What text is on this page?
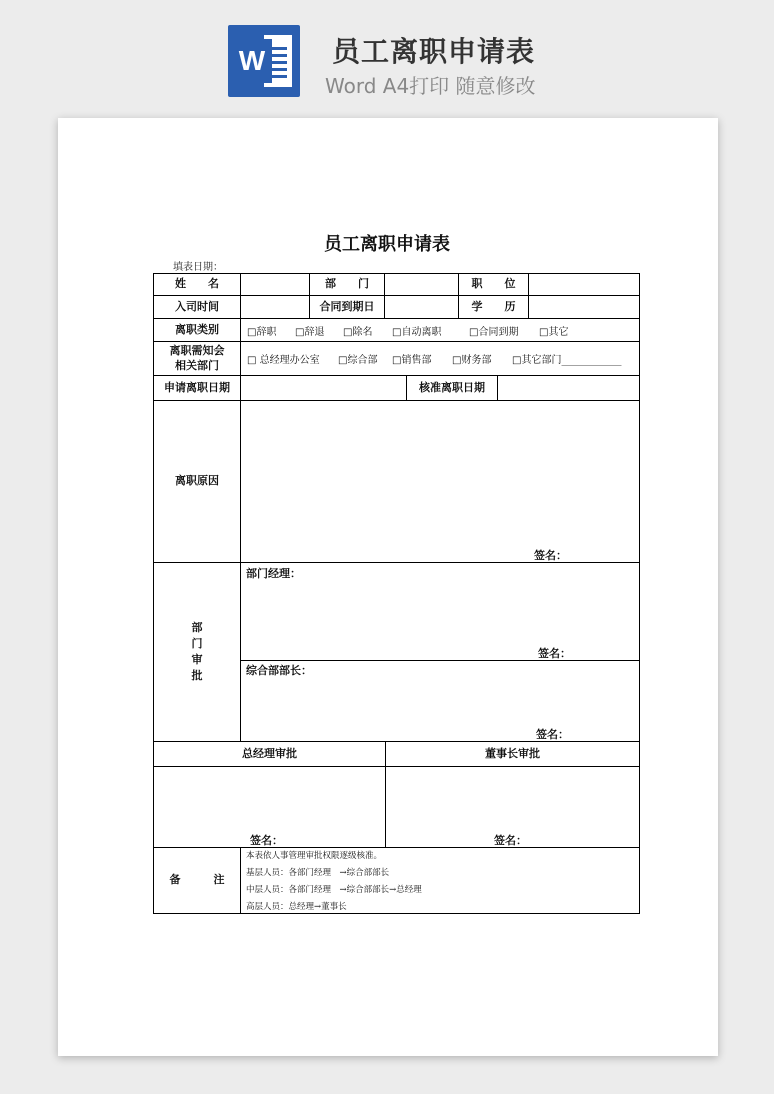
W 员工离职申请表
Word A4打印 随意修改
员工离职申请表
填表日期：
姓　　名	部　　门	职　　位
入司时间	合同到期日	学　　历
离职类别	□辞职 □辞退 □除名 □自动离职	□合同到期 □其它
离职需知会
相关部门	□ 总经理办公室 □综合部 □销售部 □财务部 □其它部门____________
申请离职日期	核准离职日期
离职原因
签名：
部
门
审
批
部门经理：
签名：
综合部部长：
签名：
总经理审批	董事长审批
签名：	签名：
备　　　注
本表依人事管理审批权限逐级核准。
基层人员：各部门经理　→综合部部长
中层人员：各部门经理　→综合部部长→总经理
高层人员：总经理→董事长
